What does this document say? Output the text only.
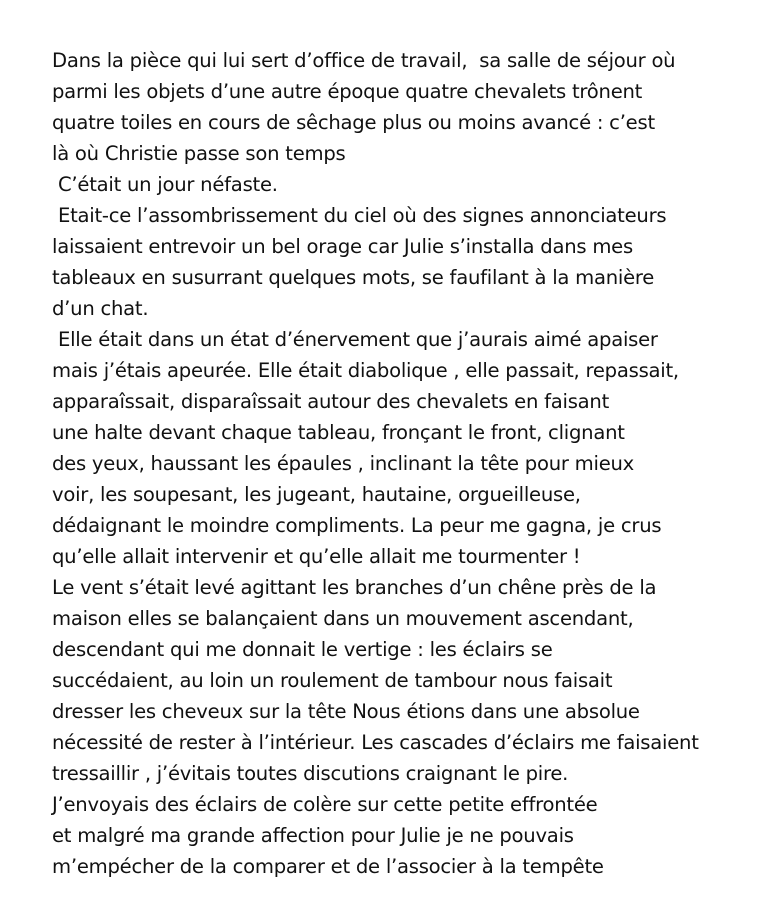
Dans la pièce qui lui sert d’office de travail,  sa salle de séjour où
parmi les objets d’une autre époque quatre chevalets trônent
quatre toiles en cours de sêchage plus ou moins avancé : c’est
là où Christie passe son temps
C’était un jour néfaste.
Etait-ce l’assombrissement du ciel où des signes annonciateurs
laissaient entrevoir un bel orage car Julie s’installa dans mes
tableaux en susurrant quelques mots, se faufilant à la manière
d’un chat.
Elle était dans un état d’énervement que j’aurais aimé apaiser
mais j’étais apeurée. Elle était diabolique , elle passait, repassait,
apparaîssait, disparaîssait autour des chevalets en faisant
une halte devant chaque tableau, fronçant le front, clignant
des yeux, haussant les épaules , inclinant la tête pour mieux
voir, les soupesant, les jugeant, hautaine, orgueilleuse,
dédaignant le moindre compliments. La peur me gagna, je crus
qu’elle allait intervenir et qu’elle allait me tourmenter !
Le vent s’était levé agittant les branches d’un chêne près de la
maison elles se balançaient dans un mouvement ascendant,
descendant qui me donnait le vertige : les éclairs se
succédaient, au loin un roulement de tambour nous faisait
dresser les cheveux sur la tête Nous étions dans une absolue
nécessité de rester à l’intérieur. Les cascades d’éclairs me faisaient
tressaillir , j’évitais toutes discutions craignant le pire.
J’envoyais des éclairs de colère sur cette petite effrontée
et malgré ma grande affection pour Julie je ne pouvais
m’empécher de la comparer et de l’associer à la tempête
